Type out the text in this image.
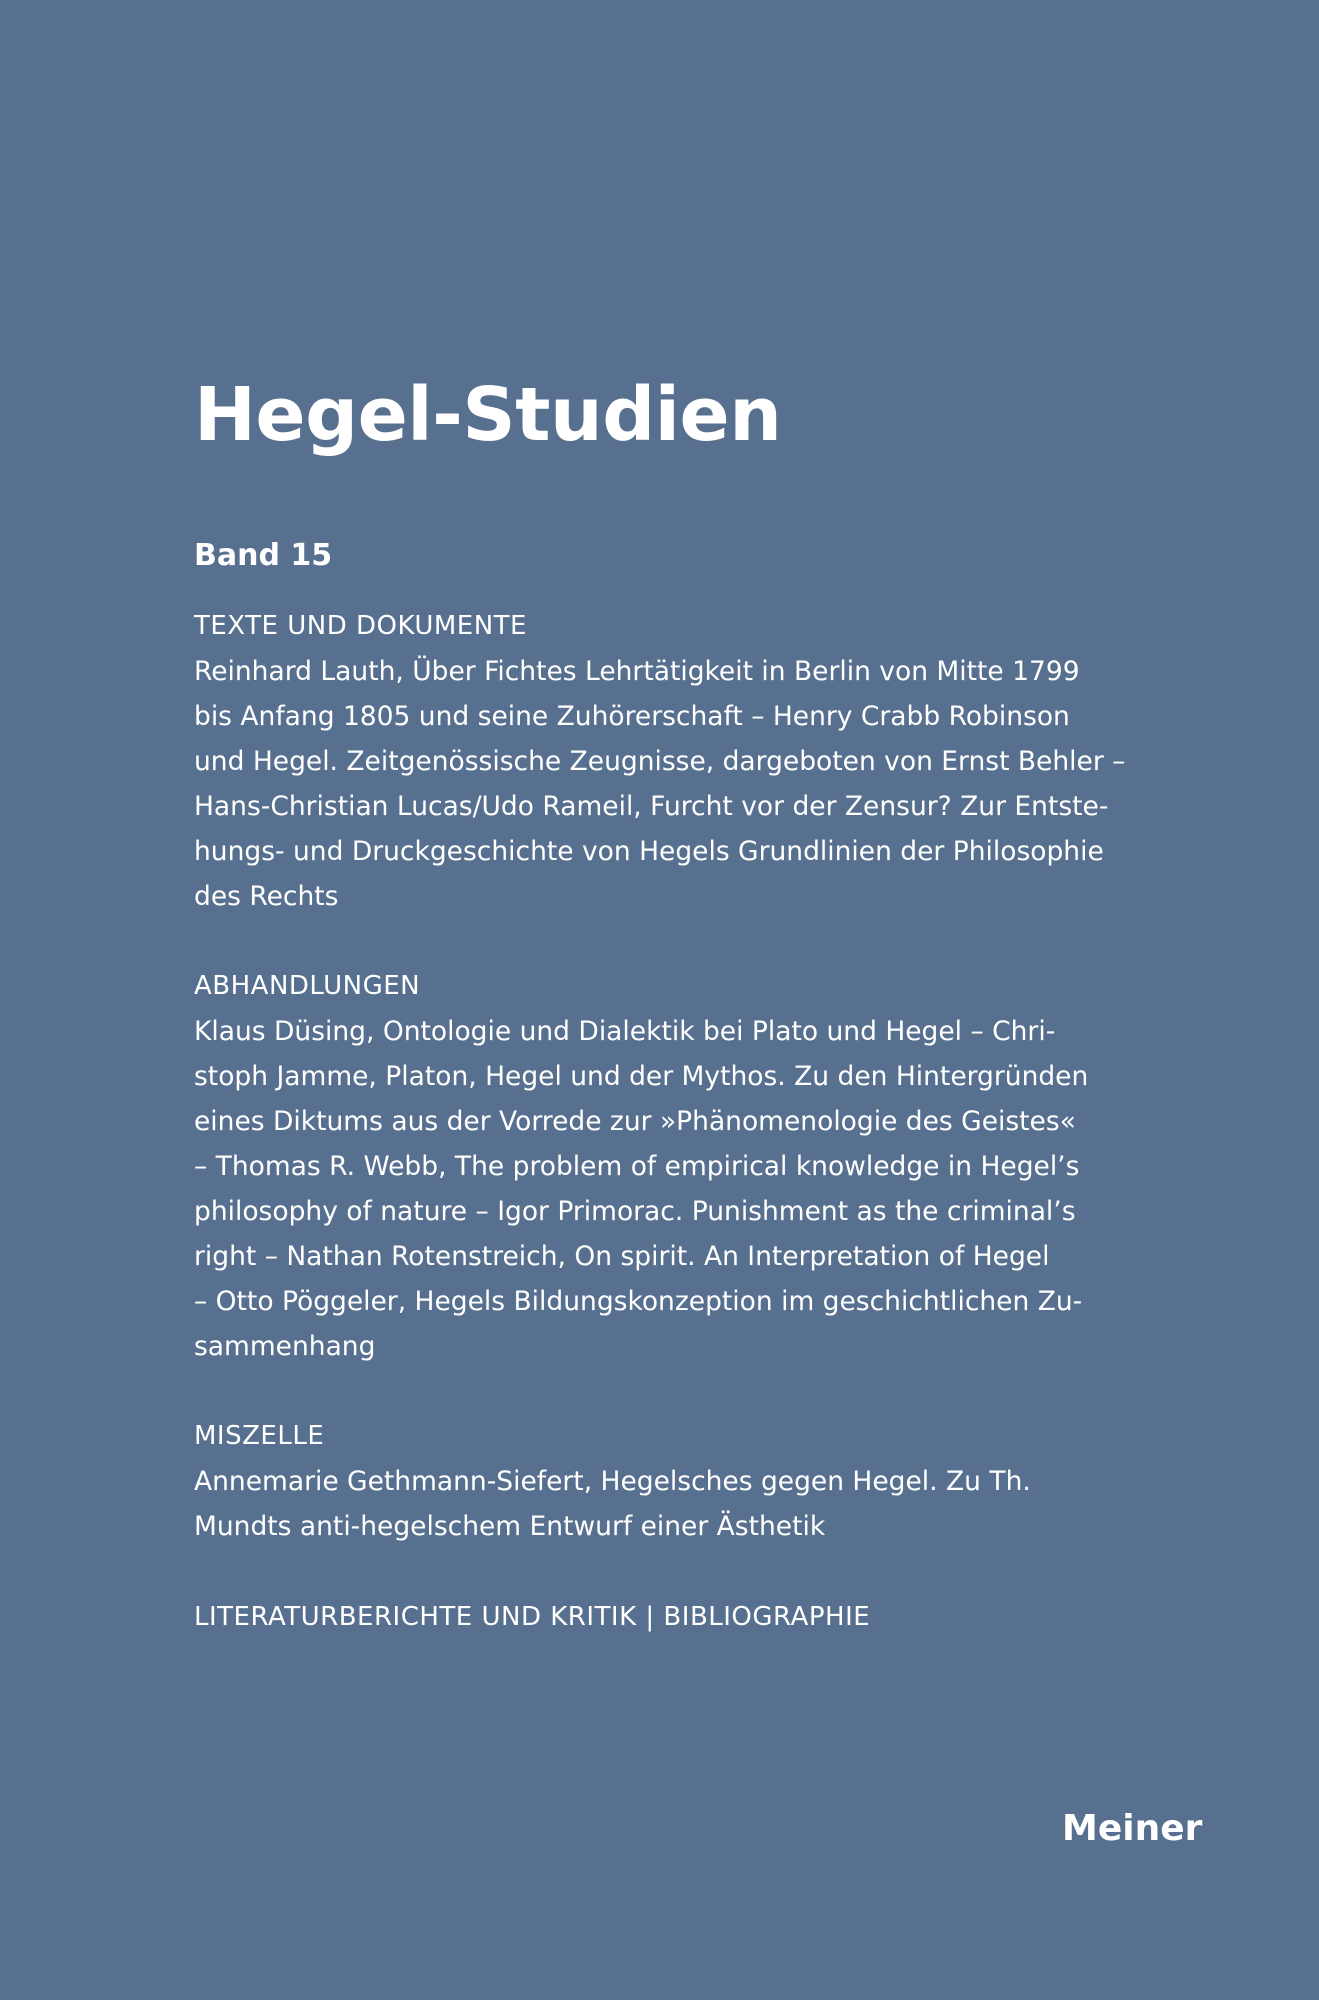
Hegel-Studien
Band 15

TEXTE UND DOKUMENTE

Reinhard Lauth, Über Fichtes Lehrtätigkeit in Berlin von Mitte 1799
bis Anfang 1805 und seine Zuhörerschaft – Henry Crabb Robinson
und Hegel. Zeitgenössische Zeugnisse, dargeboten von Ernst Behler –
Hans-Christian Lucas/Udo Rameil, Furcht vor der Zensur? Zur Entste-
hungs- und Druckgeschichte von Hegels Grundlinien der Philosophie
des Rechts

ABHANDLUNGEN

Klaus Düsing, Ontologie und Dialektik bei Plato und Hegel – Chri-
stoph Jamme, Platon, Hegel und der Mythos. Zu den Hintergründen
eines Diktums aus der Vorrede zur »Phänomenologie des Geistes«
– Thomas R. Webb, The problem of empirical knowledge in Hegel’s
philosophy of nature – Igor Primorac. Punishment as the criminal’s
right – Nathan Rotenstreich, On spirit. An Interpretation of Hegel
– Otto Pöggeler, Hegels Bildungskonzeption im geschichtlichen Zu-
sammenhang

MISZELLE

Annemarie Gethmann-Siefert, Hegelsches gegen Hegel. Zu Th.
Mundts anti-hegelschem Entwurf einer Ästhetik

LITERATURBERICHTE UND KRITIK | BIBLIOGRAPHIE

Meiner
